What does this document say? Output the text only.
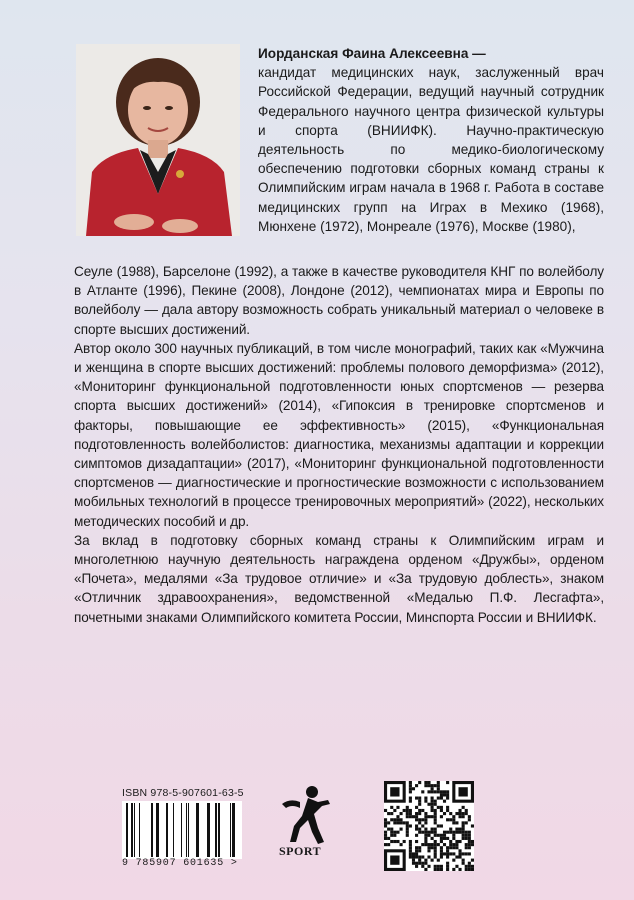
Иорданская Фаина Алексеевна —
кандидат медицинских наук, заслуженный врач Российской Федерации, ведущий научный сотрудник Федерального научного центра физической культуры и спорта (ВНИИФК). Научно-практическую деятельность по медико-биологическому обеспечению подготовки сборных команд страны к Олимпийским играм начала в 1968 г. Работа в составе медицинских групп на Играх в Мехико (1968), Мюнхене (1972), Монреале (1976), Москве (1980),

Сеуле (1988), Барселоне (1992), а также в качестве руководителя КНГ по волейболу в Атланте (1996), Пекине (2008), Лондоне (2012), чемпионатах мира и Европы по волейболу — дала автору возможность собрать уникальный материал о человеке в спорте высших достижений.

Автор около 300 научных публикаций, в том числе монографий, таких как «Мужчина и женщина в спорте высших достижений: проблемы полового деморфизма» (2012), «Мониторинг функциональной подготовленности юных спортсменов — резерва спорта высших достижений» (2014), «Гипоксия в тренировке спортсменов и факторы, повышающие ее эффективность» (2015), «Функциональная подготовленность волейболистов: диагностика, механизмы адаптации и коррекции симптомов дизадаптации» (2017), «Мониторинг функциональной подготовленности спортсменов — диагностические и прогностические возможности с использованием мобильных технологий в процессе тренировочных мероприятий» (2022), нескольких методических пособий и др.

За вклад в подготовку сборных команд страны к Олимпийским играм и многолетнюю научную деятельность награждена орденом «Дружбы», орденом «Почета», медалями «За трудовое отличие» и «За трудовую доблесть», знаком «Отличник здравоохранения», ведомственной «Медалью П.Ф. Лесгафта», почетными знаками Олимпийского комитета России, Минспорта России и ВНИИФК.

ISBN 978-5-907601-63-5
9 785907 601635 >
SPORT
